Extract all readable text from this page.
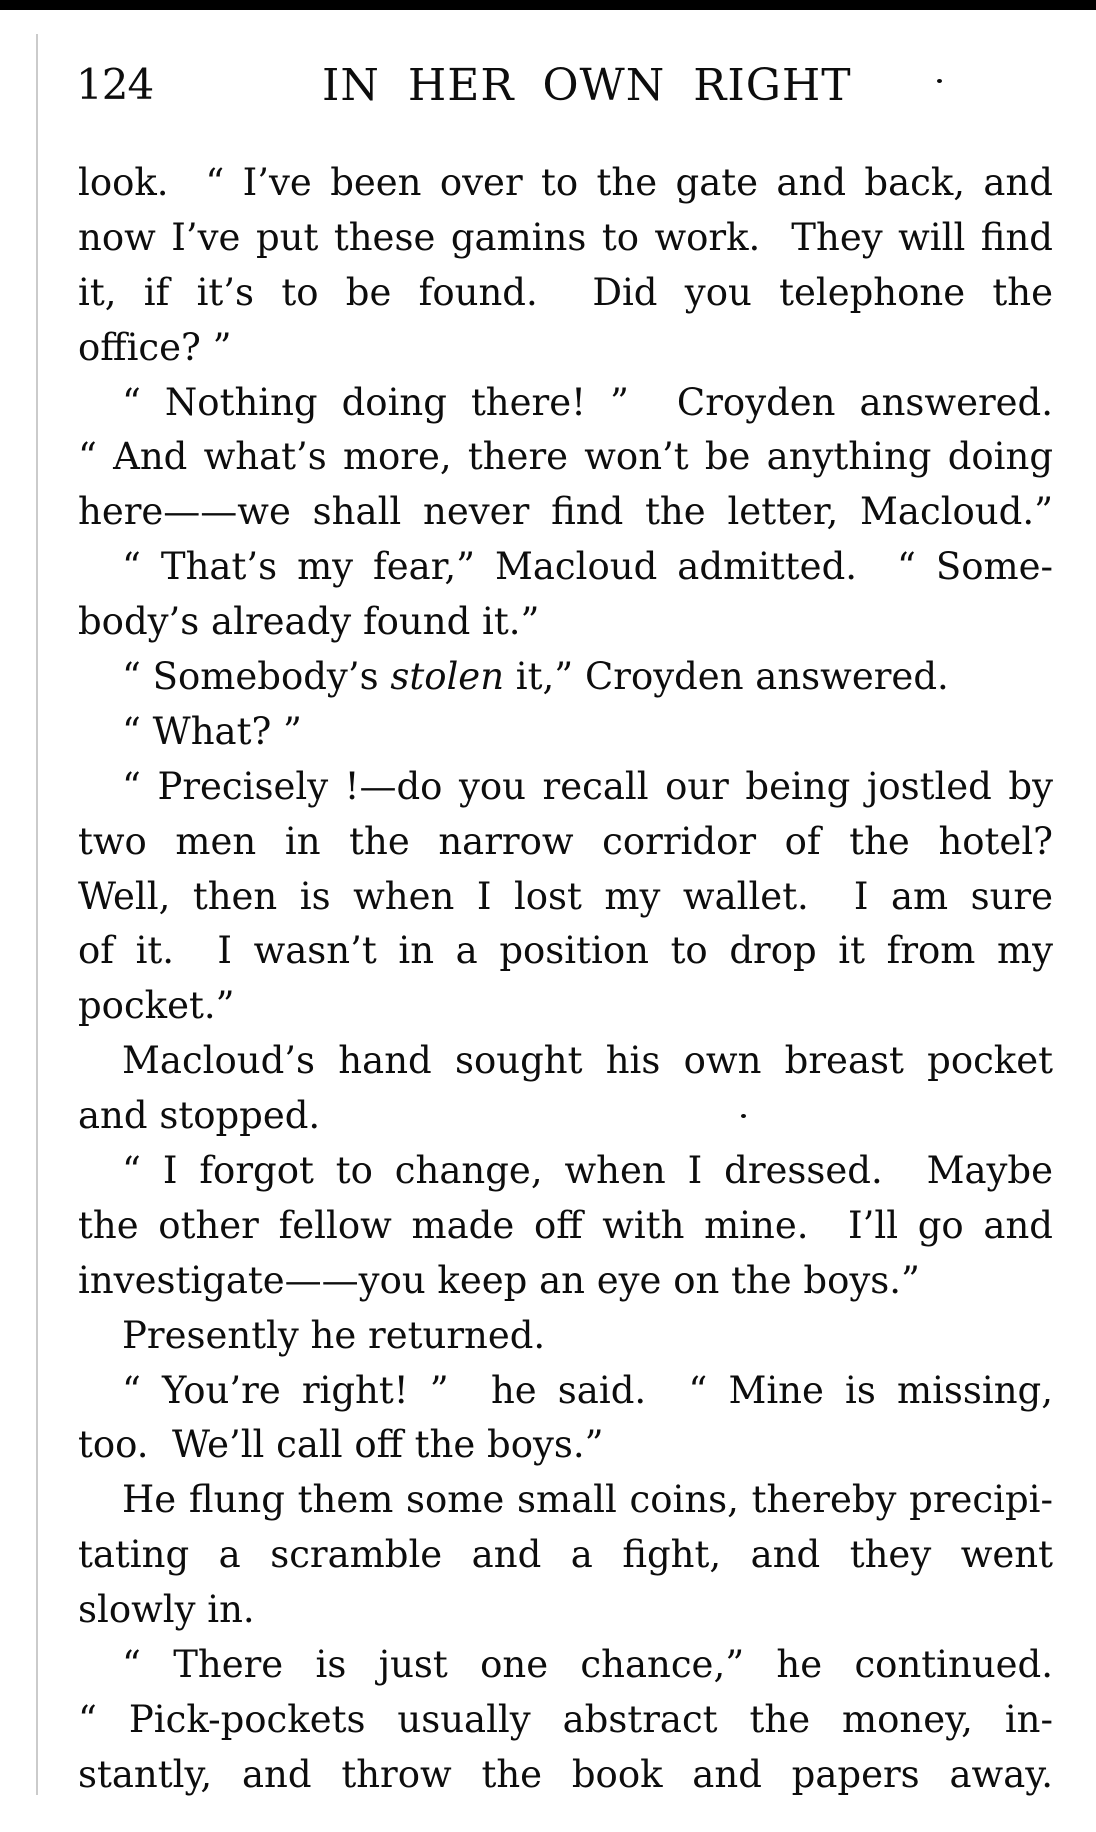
124	IN HER OWN RIGHT
look.  “ I’ve been over to the gate and back, and
now I’ve put these gamins to work.  They will find
it, if it’s to be found.  Did you telephone the
office? ”
“ Nothing doing there! ”  Croyden answered.
“ And what’s more, there won’t be anything doing
here——we shall never find the letter, Macloud.”
“ That’s my fear,” Macloud admitted.  “ Some-
body’s already found it.”
“ Somebody’s stolen it,” Croyden answered.
“ What? ”
“ Precisely !—do you recall our being jostled by
two men in the narrow corridor of the hotel?
Well, then is when I lost my wallet.  I am sure
of it.  I wasn’t in a position to drop it from my
pocket.”
Macloud’s hand sought his own breast pocket
and stopped.
“ I forgot to change, when I dressed.  Maybe
the other fellow made off with mine.  I’ll go and
investigate——you keep an eye on the boys.”
Presently he returned.
“ You’re right! ”  he said.  “ Mine is missing,
too.  We’ll call off the boys.”
He flung them some small coins, thereby precipi-
tating a scramble and a fight, and they went
slowly in.
“ There is just one chance,” he continued.
“ Pick-pockets usually abstract the money, in-
stantly, and throw the book and papers away.
